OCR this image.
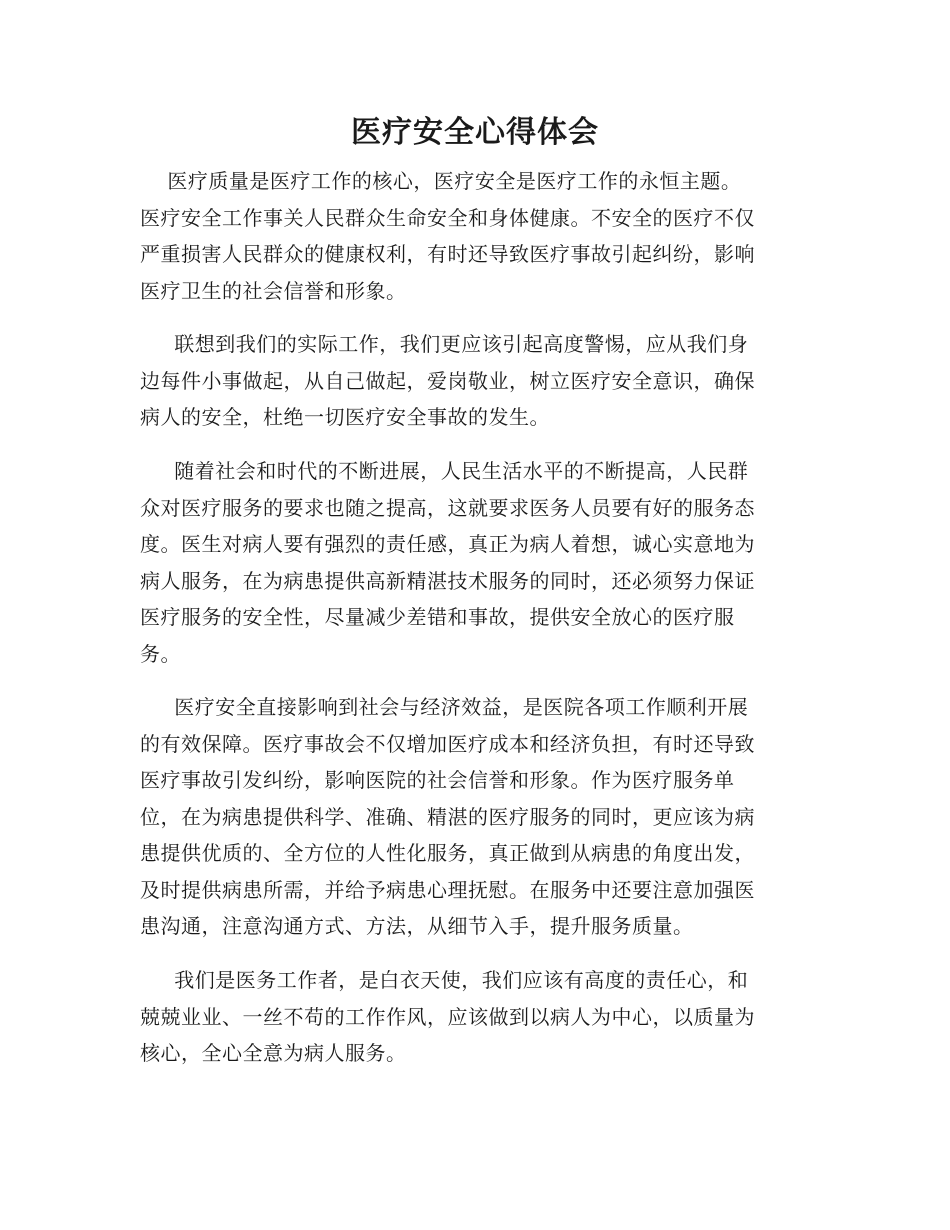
医疗安全心得体会

医疗质量是医疗工作的核心，医疗安全是医疗工作的永恒主题。
医疗安全工作事关人民群众生命安全和身体健康。不安全的医疗不仅
严重损害人民群众的健康权利，有时还导致医疗事故引起纠纷，影响
医疗卫生的社会信誉和形象。

联想到我们的实际工作，我们更应该引起高度警惕，应从我们身
边每件小事做起，从自己做起，爱岗敬业，树立医疗安全意识，确保
病人的安全，杜绝一切医疗安全事故的发生。

随着社会和时代的不断进展，人民生活水平的不断提高，人民群
众对医疗服务的要求也随之提高，这就要求医务人员要有好的服务态
度。医生对病人要有强烈的责任感，真正为病人着想，诚心实意地为
病人服务，在为病患提供高新精湛技术服务的同时，还必须努力保证
医疗服务的安全性，尽量减少差错和事故，提供安全放心的医疗服
务。

医疗安全直接影响到社会与经济效益，是医院各项工作顺利开展
的有效保障。医疗事故会不仅增加医疗成本和经济负担，有时还导致
医疗事故引发纠纷，影响医院的社会信誉和形象。作为医疗服务单
位，在为病患提供科学、准确、精湛的医疗服务的同时，更应该为病
患提供优质的、全方位的人性化服务，真正做到从病患的角度出发，
及时提供病患所需，并给予病患心理抚慰。在服务中还要注意加强医
患沟通，注意沟通方式、方法，从细节入手，提升服务质量。

我们是医务工作者，是白衣天使，我们应该有高度的责任心，和
兢兢业业、一丝不苟的工作作风，应该做到以病人为中心，以质量为
核心，全心全意为病人服务。
